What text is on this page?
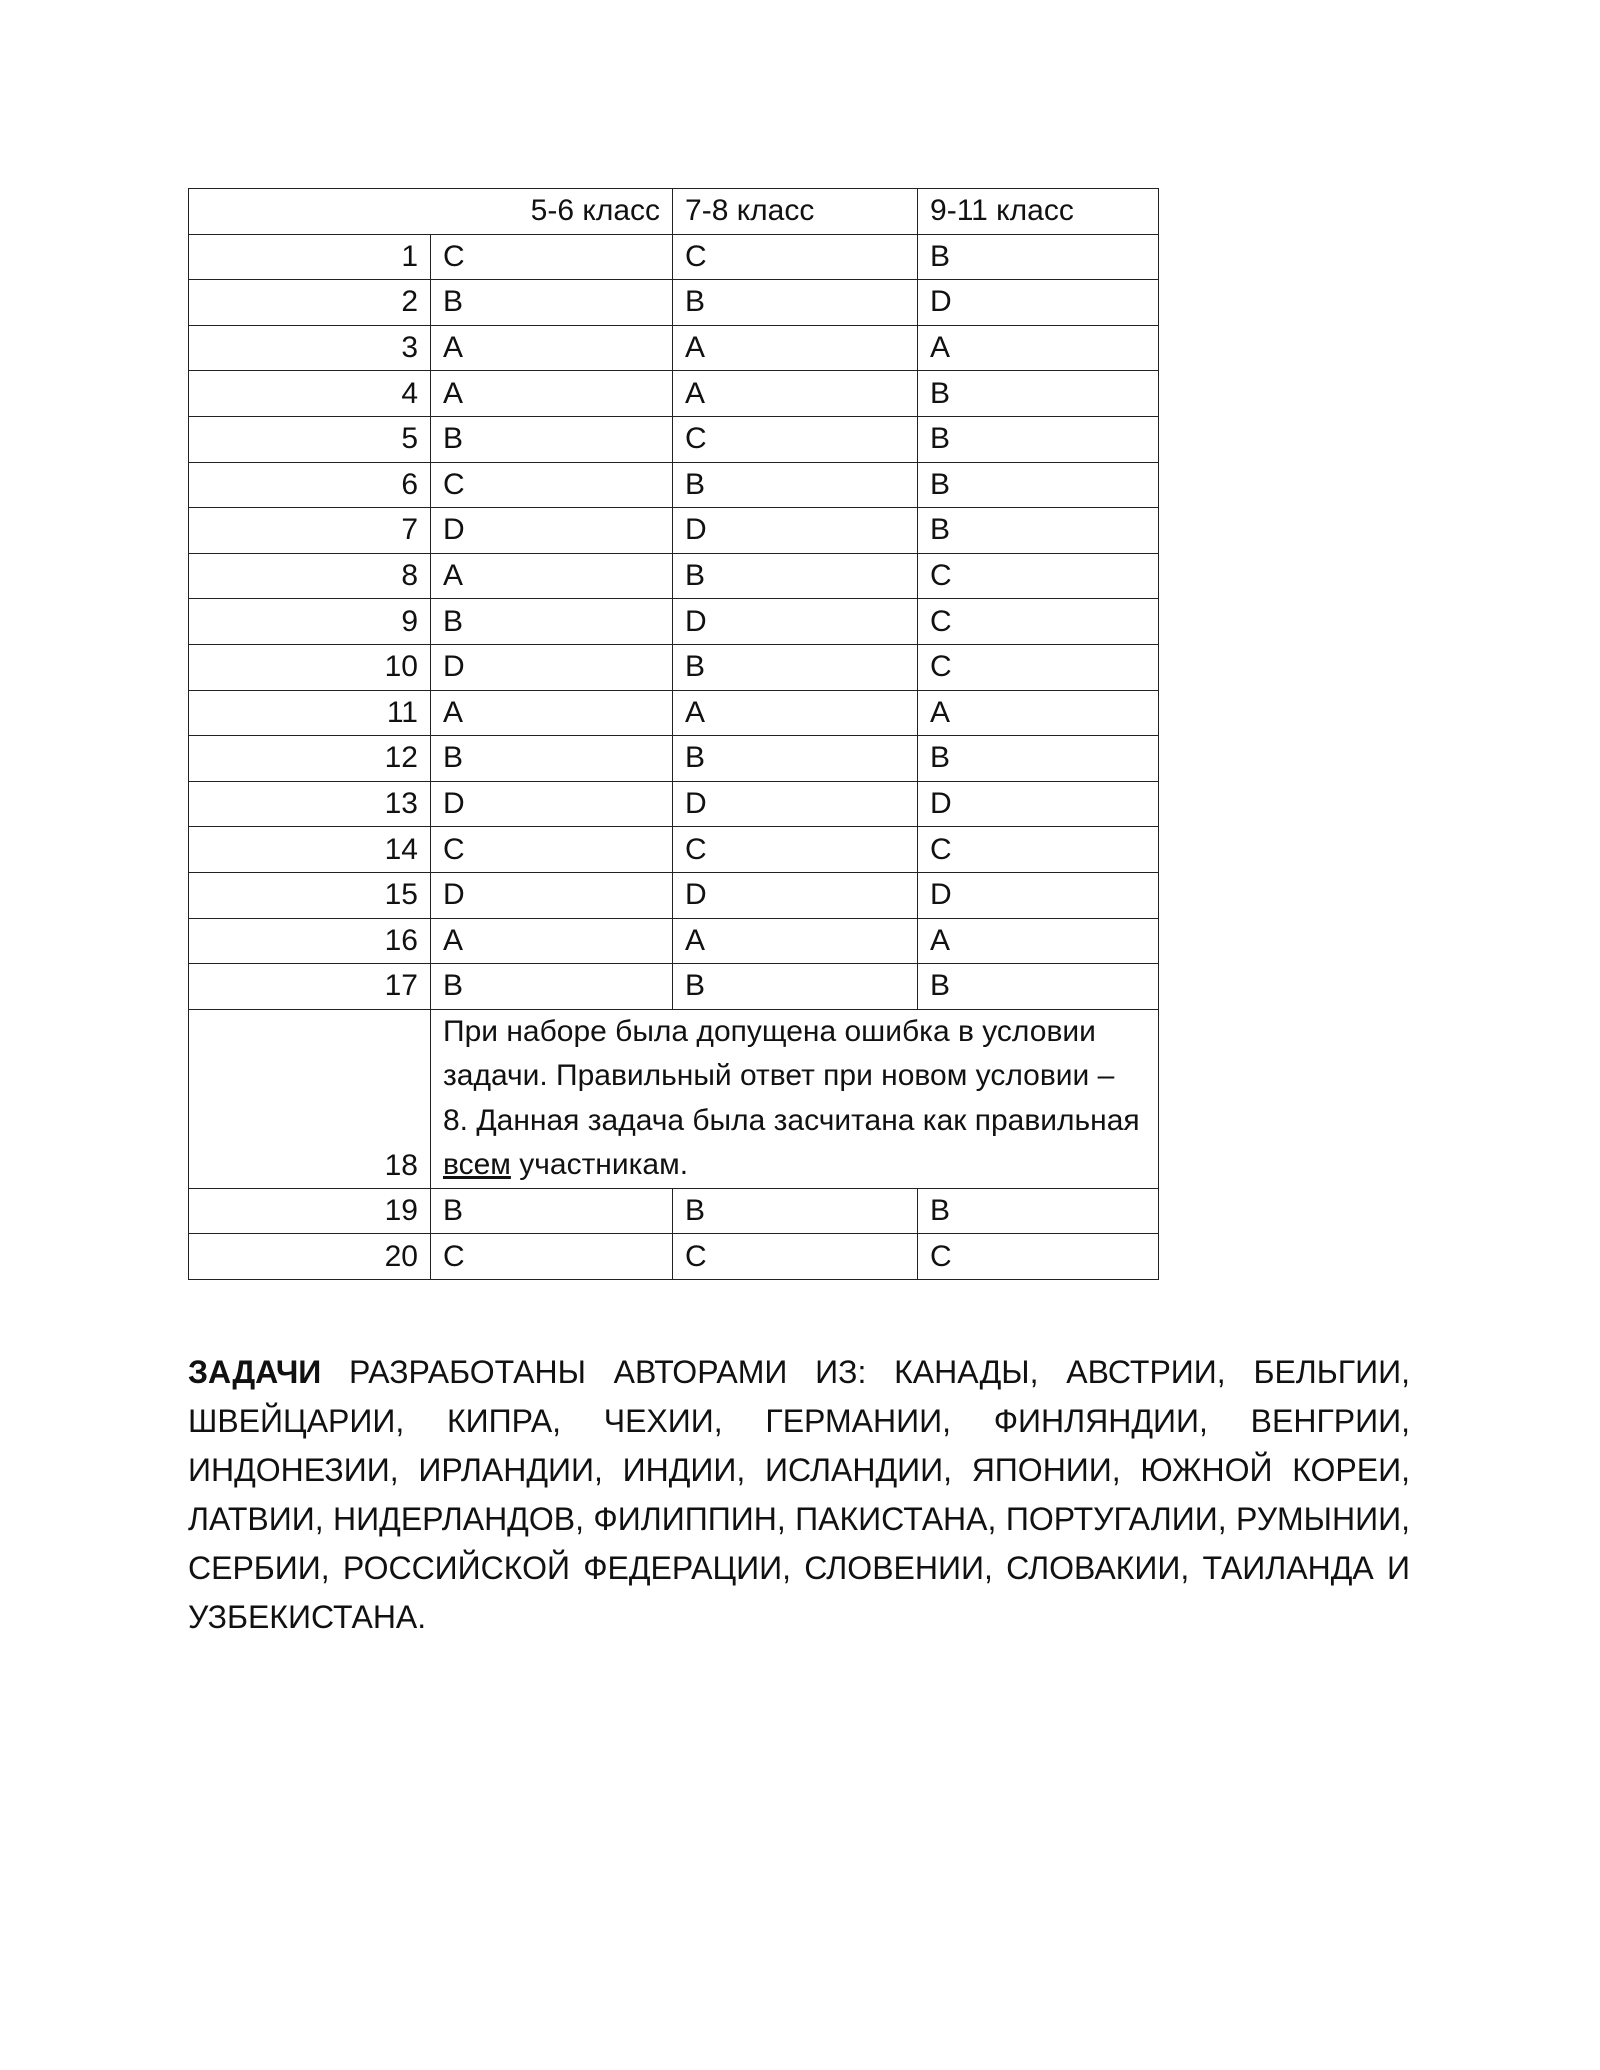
5-6 класс		7-8 класс	9-11 класс
1	C	C	B
2	B	B	D
3	A	A	A
4	A	A	B
5	B	C	B
6	C	B	B
7	D	D	B
8	A	B	C
9	B	D	C
10	D	B	C
11	A	A	A
12	B	B	B
13	D	D	D
14	C	C	C
15	D	D	D
16	A	A	A
17	B	B	B
18	При наборе была допущена ошибка в условии задачи. Правильный ответ при новом условии – 8. Данная задача была засчитана как правильная всем участникам.		
19	B	B	B
20	C	C	C

ЗАДАЧИ РАЗРАБОТАНЫ АВТОРАМИ ИЗ: КАНАДЫ, АВСТРИИ, БЕЛЬГИИ, ШВЕЙЦАРИИ, КИПРА, ЧЕХИИ, ГЕРМАНИИ, ФИНЛЯНДИИ, ВЕНГРИИ, ИНДОНЕЗИИ, ИРЛАНДИИ, ИНДИИ, ИСЛАНДИИ, ЯПОНИИ, ЮЖНОЙ КОРЕИ, ЛАТВИИ, НИДЕРЛАНДОВ, ФИЛИППИН, ПАКИСТАНА, ПОРТУГАЛИИ, РУМЫНИИ, СЕРБИИ, РОССИЙСКОЙ ФЕДЕРАЦИИ, СЛОВЕНИИ, СЛОВАКИИ, ТАИЛАНДА И УЗБЕКИСТАНА.
